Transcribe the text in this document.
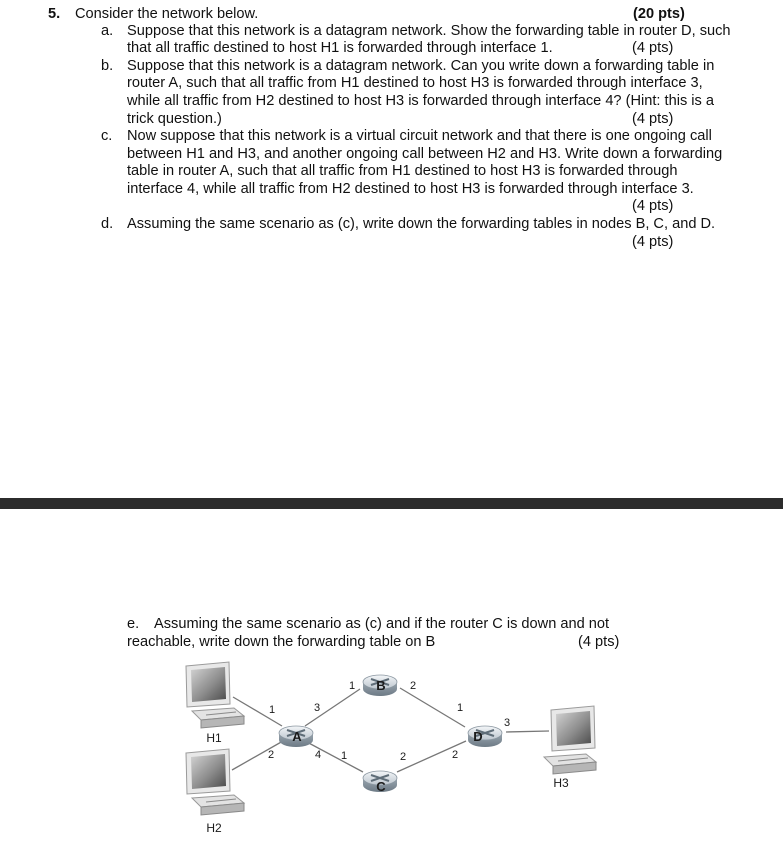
5. Consider the network below.	(20 pts)
a. Suppose that this network is a datagram network. Show the forwarding table in router D, such
that all traffic destined to host H1 is forwarded through interface 1.	(4 pts)
b. Suppose that this network is a datagram network. Can you write down a forwarding table in
router A, such that all traffic from H1 destined to host H3 is forwarded through interface 3,
while all traffic from H2 destined to host H3 is forwarded through interface 4? (Hint: this is a
trick question.)	(4 pts)
c. Now suppose that this network is a virtual circuit network and that there is one ongoing call
between H1 and H3, and another ongoing call between H2 and H3. Write down a forwarding
table in router A, such that all traffic from H1 destined to host H3 is forwarded through
interface 4, while all traffic from H2 destined to host H3 is forwarded through interface 3.
(4 pts)
d. Assuming the same scenario as (c), write down the forwarding tables in nodes B, C, and D.
(4 pts)
e. Assuming the same scenario as (c) and if the router C is down and not
reachable, write down the forwarding table on B	(4 pts)
A
B
C
D
1
2
3
4
1	2
1	2
1
2
3
H1
H2
H3
